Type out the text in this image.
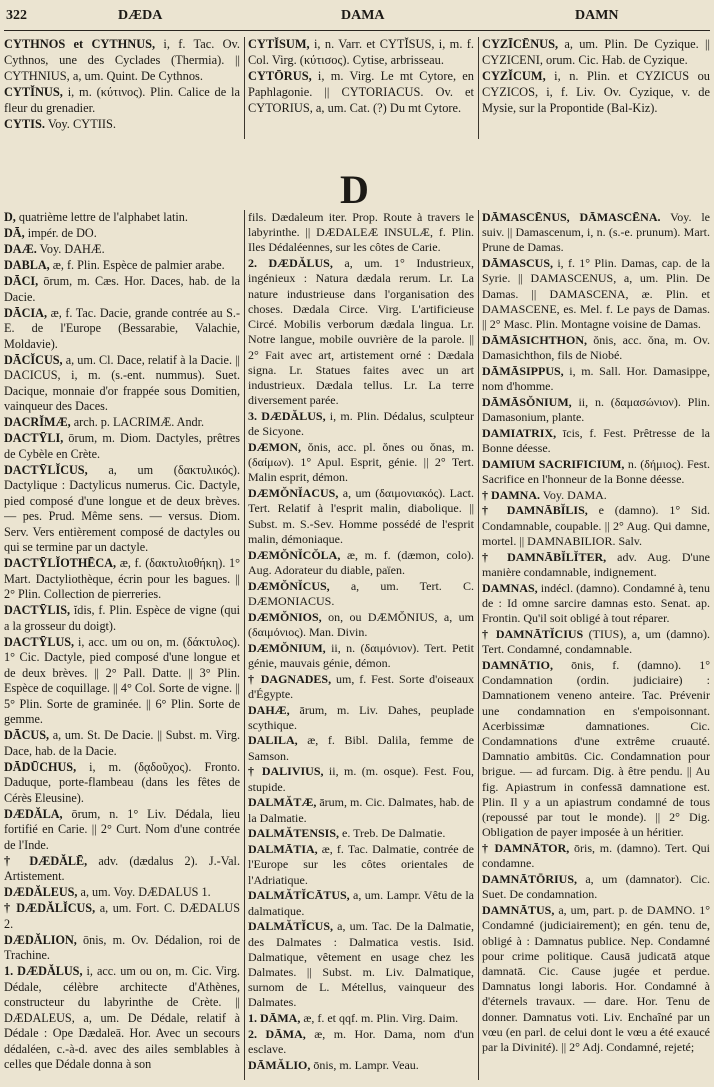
322	DÆDA	DAMA	DAMN
CYTHNOS et CYTHNUS, i, f. Tac. Ov. Cythnos, une des Cyclades (Thermia). || CYTHNIUS, a, um. Quint. De Cythnos.
CYTĬNUS, i, m. (κύτινος). Plin. Calice de la fleur du grenadier.
CYTIS. Voy. CYTIIS.
CYTĬSUM, i, n. Varr. et CYTĬSUS, i, m. f. Col. Virg. (κύτισος). Cytise, arbrisseau.
CYTŌRUS, i, m. Virg. Le mt Cytore, en Paphlagonie. || CYTORIACUS. Ov. et CYTORIUS, a, um. Cat. (?) Du mt Cytore.
CYZĪCĒNUS, a, um. Plin. De Cyzique. || CYZICENI, orum. Cic. Hab. de Cyzique.
CYZĬCUM, i, n. Plin. et CYZICUS ou CYZICOS, i, f. Liv. Ov. Cyzique, v. de Mysie, sur la Propontide (Bal-Kiz).
D
D, quatrième lettre de l'alphabet latin.
DĀ, impér. de DO.
DAÆ. Voy. DAHÆ.
DABLA, æ, f. Plin. Espèce de palmier arabe.
DĀCI, ōrum, m. Cæs. Hor. Daces, hab. de la Dacie.
DĀCIA, æ, f. Tac. Dacie, grande contrée au S.-E. de l'Europe (Bessarabie, Valachie, Moldavie).
DĀCĬCUS, a, um. Cl. Dace, relatif à la Dacie. || DACICUS, i, m. (s.-ent. nummus). Suet. Dacique, monnaie d'or frappée sous Domitien, vainqueur des Daces.
DACRĬMÆ, arch. p. LACRIMÆ. Andr.
DACTȲLI, ōrum, m. Diom. Dactyles, prêtres de Cybèle en Crète.
DACTȲLĬCUS, a, um (δακτυλικός). Dactylique : Dactylicus numerus. Cic. Dactyle, pied composé d'une longue et de deux brèves. — pes. Prud. Même sens. — versus. Diom. Serv. Vers entièrement composé de dactyles ou qui se termine par un dactyle.
DACTȲLĬOTHĒCA, æ, f. (δακτυλιοθήκη). 1° Mart. Dactyliothèque, écrin pour les bagues. || 2° Plin. Collection de pierreries.
DACTȲLIS, ĭdis, f. Plin. Espèce de vigne (qui a la grosseur du doigt).
DACTȲLUS, i, acc. um ou on, m. (δάκτυλος). 1° Cic. Dactyle, pied composé d'une longue et de deux brèves. || 2° Pall. Datte. || 3° Plin. Espèce de coquillage. || 4° Col. Sorte de vigne. || 5° Plin. Sorte de graminée. || 6° Plin. Sorte de gemme.
DĀCUS, a, um. St. De Dacie. || Subst. m. Virg. Dace, hab. de la Dacie.
DĀDŪCHUS, i, m. (δᾳδοῦχος). Fronto. Daduque, porte-flambeau (dans les fêtes de Cérès Eleusine).
DÆDĂLA, ōrum, n. 1° Liv. Dédala, lieu fortifié en Carie. || 2° Curt. Nom d'une contrée de l'Inde.
† DÆDĂLĒ, adv. (dædalus 2). J.-Val. Artistement.
DÆDĂLEUS, a, um. Voy. DÆDALUS 1.
† DÆDĂLĬCUS, a, um. Fort. C. DÆDALUS 2.
DÆDĂLION, ōnis, m. Ov. Dédalion, roi de Trachine.
1. DÆDĂLUS, i, acc. um ou on, m. Cic. Virg. Dédale, célèbre architecte d'Athènes, constructeur du labyrinthe de Crète. || DÆDALEUS, a, um. De Dédale, relatif à Dédale : Ope Dædaleā. Hor. Avec un secours dédaléen, c.-à-d. avec des ailes semblables à celles que Dédale donna à son
fils. Dædaleum iter. Prop. Route à travers le labyrinthe. || DÆDALEÆ INSULÆ, f. Plin. Iles Dédaléennes, sur les côtes de Carie.
2. DÆDĂLUS, a, um. 1° Industrieux, ingénieux : Natura dædala rerum. Lr. La nature industrieuse dans l'organisation des choses. Dædala Circe. Virg. L'artificieuse Circé. Mobilis verborum dædala lingua. Lr. Notre langue, mobile ouvrière de la parole. || 2° Fait avec art, artistement orné : Dædala signa. Lr. Statues faites avec un art industrieux. Dædala tellus. Lr. La terre diversement parée.
3. DÆDĂLUS, i, m. Plin. Dédalus, sculpteur de Sicyone.
DÆMON, ŏnis, acc. pl. ŏnes ou ŏnas, m. (δαίμων). 1° Apul. Esprit, génie. || 2° Tert. Malin esprit, démon.
DÆMŎNĬACUS, a, um (δαιμονιακός). Lact. Tert. Relatif à l'esprit malin, diabolique. || Subst. m. S.-Sev. Homme possédé de l'esprit malin, démoniaque.
DÆMŎNĬCŎLA, æ, m. f. (dæmon, colo). Aug. Adorateur du diable, païen.
DÆMŎNĬCUS, a, um. Tert. C. DÆMONIACUS.
DÆMŎNIOS, on, ou DÆMŎNIUS, a, um (δαιμόνιος). Man. Divin.
DÆMŎNIUM, ii, n. (δαιμόνιον). Tert. Petit génie, mauvais génie, démon.
† DAGNADES, um, f. Fest. Sorte d'oiseaux d'Égypte.
DAHÆ, ārum, m. Liv. Dahes, peuplade scythique.
DALILA, æ, f. Bibl. Dalila, femme de Samson.
† DALIVIUS, ii, m. (m. osque). Fest. Fou, stupide.
DALMĂTÆ, ārum, m. Cic. Dalmates, hab. de la Dalmatie.
DALMĂTENSIS, e. Treb. De Dalmatie.
DALMĀTIA, æ, f. Tac. Dalmatie, contrée de l'Europe sur les côtes orientales de l'Adriatique.
DALMĂTĬCĀTUS, a, um. Lampr. Vêtu de la dalmatique.
DALMĂTĬCUS, a, um. Tac. De la Dalmatie, des Dalmates : Dalmatica vestis. Isid. Dalmatique, vêtement en usage chez les Dalmates. || Subst. m. Liv. Dalmatique, surnom de L. Métellus, vainqueur des Dalmates.
1. DĀMA, æ, f. et qqf. m. Plin. Virg. Daim.
2. DĀMA, æ, m. Hor. Dama, nom d'un esclave.
DĀMĂLIO, ōnis, m. Lampr. Veau.
DĀMASCĒNUS, DĀMASCĒNA. Voy. le suiv. || Damascenum, i, n. (s.-e. prunum). Mart. Prune de Damas.
DĀMASCUS, i, f. 1° Plin. Damas, cap. de la Syrie. || DAMASCENUS, a, um. Plin. De Damas. || DAMASCENA, æ. Plin. et DAMASCENE, es. Mel. f. Le pays de Damas. || 2° Masc. Plin. Montagne voisine de Damas.
DĀMĀSICHTHON, ŏnis, acc. ŏna, m. Ov. Damasichthon, fils de Niobé.
DĀMĀSIPPUS, i, m. Sall. Hor. Damasippe, nom d'homme.
DĀMĀSŎNIUM, ii, n. (δαμασώνιον). Plin. Damasonium, plante.
DAMIATRIX, īcis, f. Fest. Prêtresse de la Bonne déesse.
DAMIUM SACRIFICIUM, n. (δήμιος). Fest. Sacrifice en l'honneur de la Bonne déesse.
† DAMNA. Voy. DAMA.
† DAMNĀBĬLIS, e (damno). 1° Sid. Condamnable, coupable. || 2° Aug. Qui damne, mortel. || DAMNABILIOR. Salv.
† DAMNĀBĬLĬTER, adv. Aug. D'une manière condamnable, indignement.
DAMNAS, indécl. (damno). Condamné à, tenu de : Id omne sarcire damnas esto. Senat. ap. Frontin. Qu'il soit obligé à tout réparer.
† DAMNĀTĬCIUS (TIUS), a, um (damno). Tert. Condamné, condamnable.
DAMNĀTIO, ōnis, f. (damno). 1° Condamnation (ordin. judiciaire) : Damnationem veneno anteire. Tac. Prévenir une condamnation en s'empoisonnant. Acerbissimæ damnationes. Cic. Condamnations d'une extrême cruauté. Damnatio ambitūs. Cic. Condamnation pour brigue. — ad furcam. Dig. à être pendu. || Au fig. Apiastrum in confessā damnatione est. Plin. Il y a un apiastrum condamné de tous (repoussé par tout le monde). || 2° Dig. Obligation de payer imposée à un héritier.
† DAMNĀTOR, ōris, m. (damno). Tert. Qui condamne.
DAMNĀTŌRIUS, a, um (damnator). Cic. Suet. De condamnation.
DAMNĀTUS, a, um, part. p. de DAMNO. 1° Condamné (judiciairement); en gén. tenu de, obligé à : Damnatus publice. Nep. Condamné pour crime politique. Causā judicatā atque damnatā. Cic. Cause jugée et perdue. Damnatus longi laboris. Hor. Condamné à d'éternels travaux. — dare. Hor. Tenu de donner. Damnatus voti. Liv. Enchaîné par un vœu (en parl. de celui dont le vœu a été exaucé par la Divinité). || 2° Adj. Condamné, rejeté;
